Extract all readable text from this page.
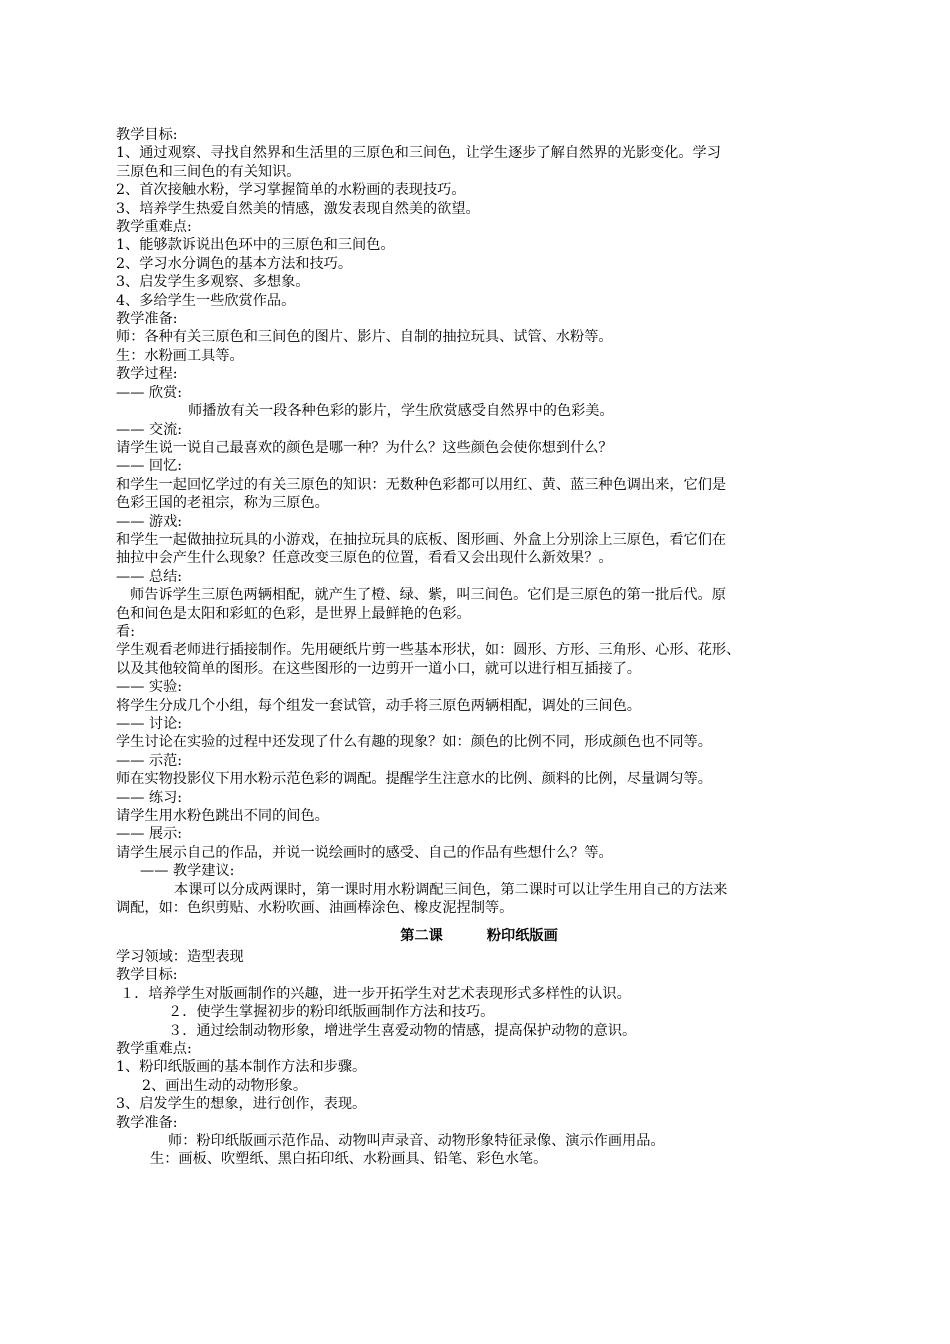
教学目标:
1、通过观察、寻找自然界和生活里的三原色和三间色，让学生逐步了解自然界的光影变化。学习
三原色和三间色的有关知识。
2、首次接触水粉，学习掌握简单的水粉画的表现技巧。
3、培养学生热爱自然美的情感，激发表现自然美的欲望。
教学重难点:
1、能够款诉说出色环中的三原色和三间色。
2、学习水分调色的基本方法和技巧。
3、启发学生多观察、多想象。
4、多给学生一些欣赏作品。
教学准备:
师：各种有关三原色和三间色的图片、影片、自制的抽拉玩具、试管、水粉等。
生：水粉画工具等。
教学过程:
—— 欣赏:
师播放有关一段各种色彩的影片，学生欣赏感受自然界中的色彩美。
—— 交流:
请学生说一说自己最喜欢的颜色是哪一种？为什么？这些颜色会使你想到什么？
—— 回忆:
和学生一起回忆学过的有关三原色的知识：无数种色彩都可以用红、黄、蓝三种色调出来，它们是
色彩王国的老祖宗，称为三原色。
—— 游戏:
和学生一起做抽拉玩具的小游戏，在抽拉玩具的底板、图形画、外盒上分别涂上三原色，看它们在
抽拉中会产生什么现象？任意改变三原色的位置，看看又会出现什么新效果？。
—— 总结:
师告诉学生三原色两辆相配，就产生了橙、绿、紫，叫三间色。它们是三原色的第一批后代。原
色和间色是太阳和彩虹的色彩，是世界上最鲜艳的色彩。
看:
学生观看老师进行插接制作。先用硬纸片剪一些基本形状，如：圆形、方形、三角形、心形、花形、
以及其他较简单的图形。在这些图形的一边剪开一道小口，就可以进行相互插接了。
—— 实验:
将学生分成几个小组，每个组发一套试管，动手将三原色两辆相配，调处的三间色。
—— 讨论:
学生讨论在实验的过程中还发现了什么有趣的现象？如：颜色的比例不同，形成颜色也不同等。
—— 示范:
师在实物投影仪下用水粉示范色彩的调配。提醒学生注意水的比例、颜料的比例，尽量调匀等。
—— 练习:
请学生用水粉色跳出不同的间色。
—— 展示:
请学生展示自己的作品，并说一说绘画时的感受、自己的作品有些想什么？等。
—— 教学建议:
本课可以分成两课时，第一课时用水粉调配三间色，第二课时可以让学生用自己的方法来
调配，如：色织剪贴、水粉吹画、油画棒涂色、橡皮泥捏制等。
第二课	粉印纸版画
学习领域：造型表现
教学目标:
１．培养学生对版画制作的兴趣，进一步开拓学生对艺术表现形式多样性的认识。
２．使学生掌握初步的粉印纸版画制作方法和技巧。
３．通过绘制动物形象，增进学生喜爱动物的情感，提高保护动物的意识。
教学重难点:
1、粉印纸版画的基本制作方法和步骤。
2、画出生动的动物形象。
3、启发学生的想象，进行创作，表现。
教学准备:
师：粉印纸版画示范作品、动物叫声录音、动物形象特征录像、演示作画用品。
生：画板、吹塑纸、黑白拓印纸、水粉画具、铅笔、彩色水笔。
